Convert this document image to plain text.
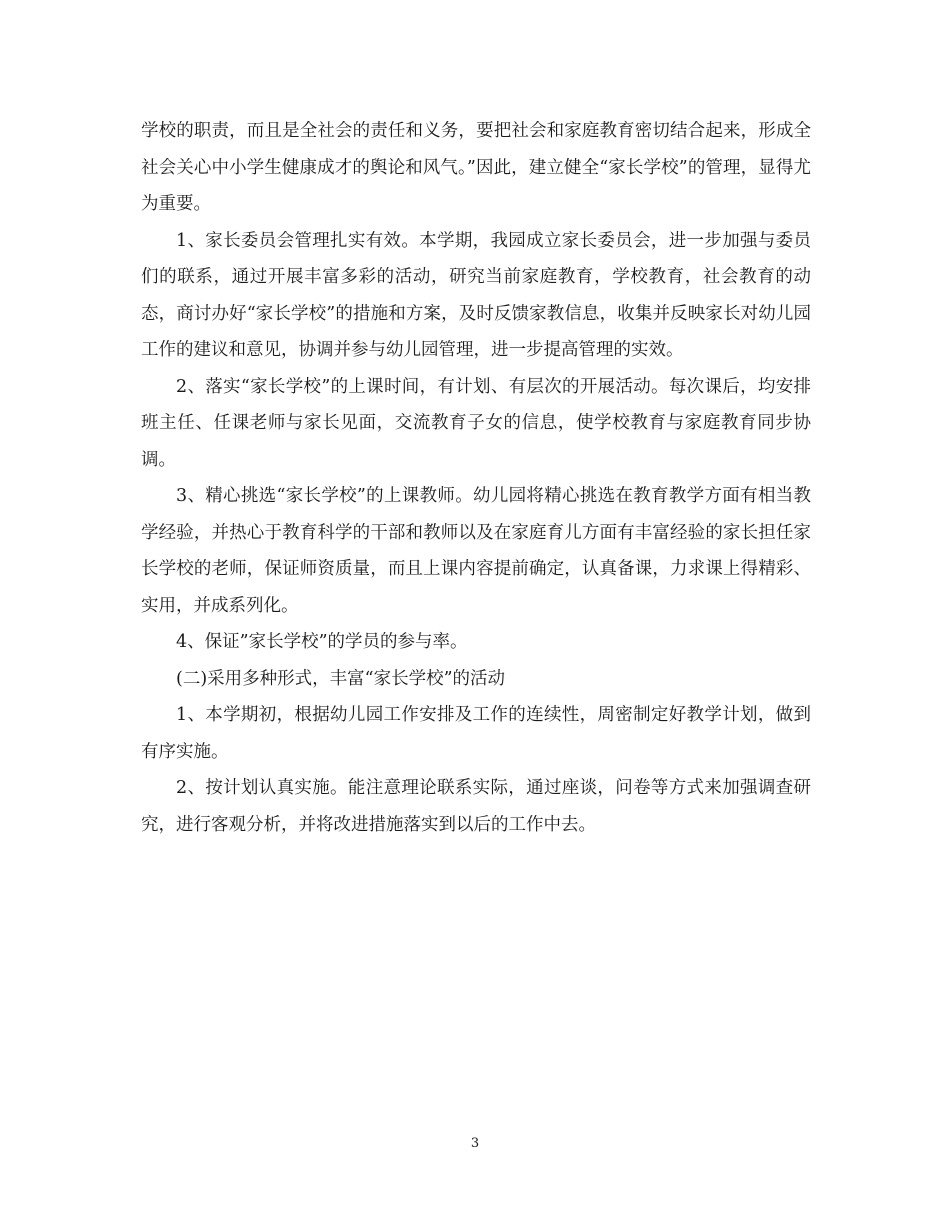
学校的职责，而且是全社会的责任和义务，要把社会和家庭教育密切结合起来，形成全社会关心中小学生健康成才的舆论和风气。”因此，建立健全“家长学校”的管理，显得尤为重要。

1、家长委员会管理扎实有效。本学期，我园成立家长委员会，进一步加强与委员们的联系，通过开展丰富多彩的活动，研究当前家庭教育，学校教育，社会教育的动态，商讨办好“家长学校”的措施和方案，及时反馈家教信息，收集并反映家长对幼儿园工作的建议和意见，协调并参与幼儿园管理，进一步提高管理的实效。

2、落实“家长学校”的上课时间，有计划、有层次的开展活动。每次课后，均安排班主任、任课老师与家长见面，交流教育子女的信息，使学校教育与家庭教育同步协调。

3、精心挑选“家长学校”的上课教师。幼儿园将精心挑选在教育教学方面有相当教学经验，并热心于教育科学的干部和教师以及在家庭育儿方面有丰富经验的家长担任家长学校的老师，保证师资质量，而且上课内容提前确定，认真备课，力求课上得精彩、实用，并成系列化。

4、保证”家长学校”的学员的参与率。

(二)采用多种形式，丰富“家长学校”的活动

1、本学期初，根据幼儿园工作安排及工作的连续性，周密制定好教学计划，做到有序实施。

2、按计划认真实施。能注意理论联系实际，通过座谈，问卷等方式来加强调查研究，进行客观分析，并将改进措施落实到以后的工作中去。

3
